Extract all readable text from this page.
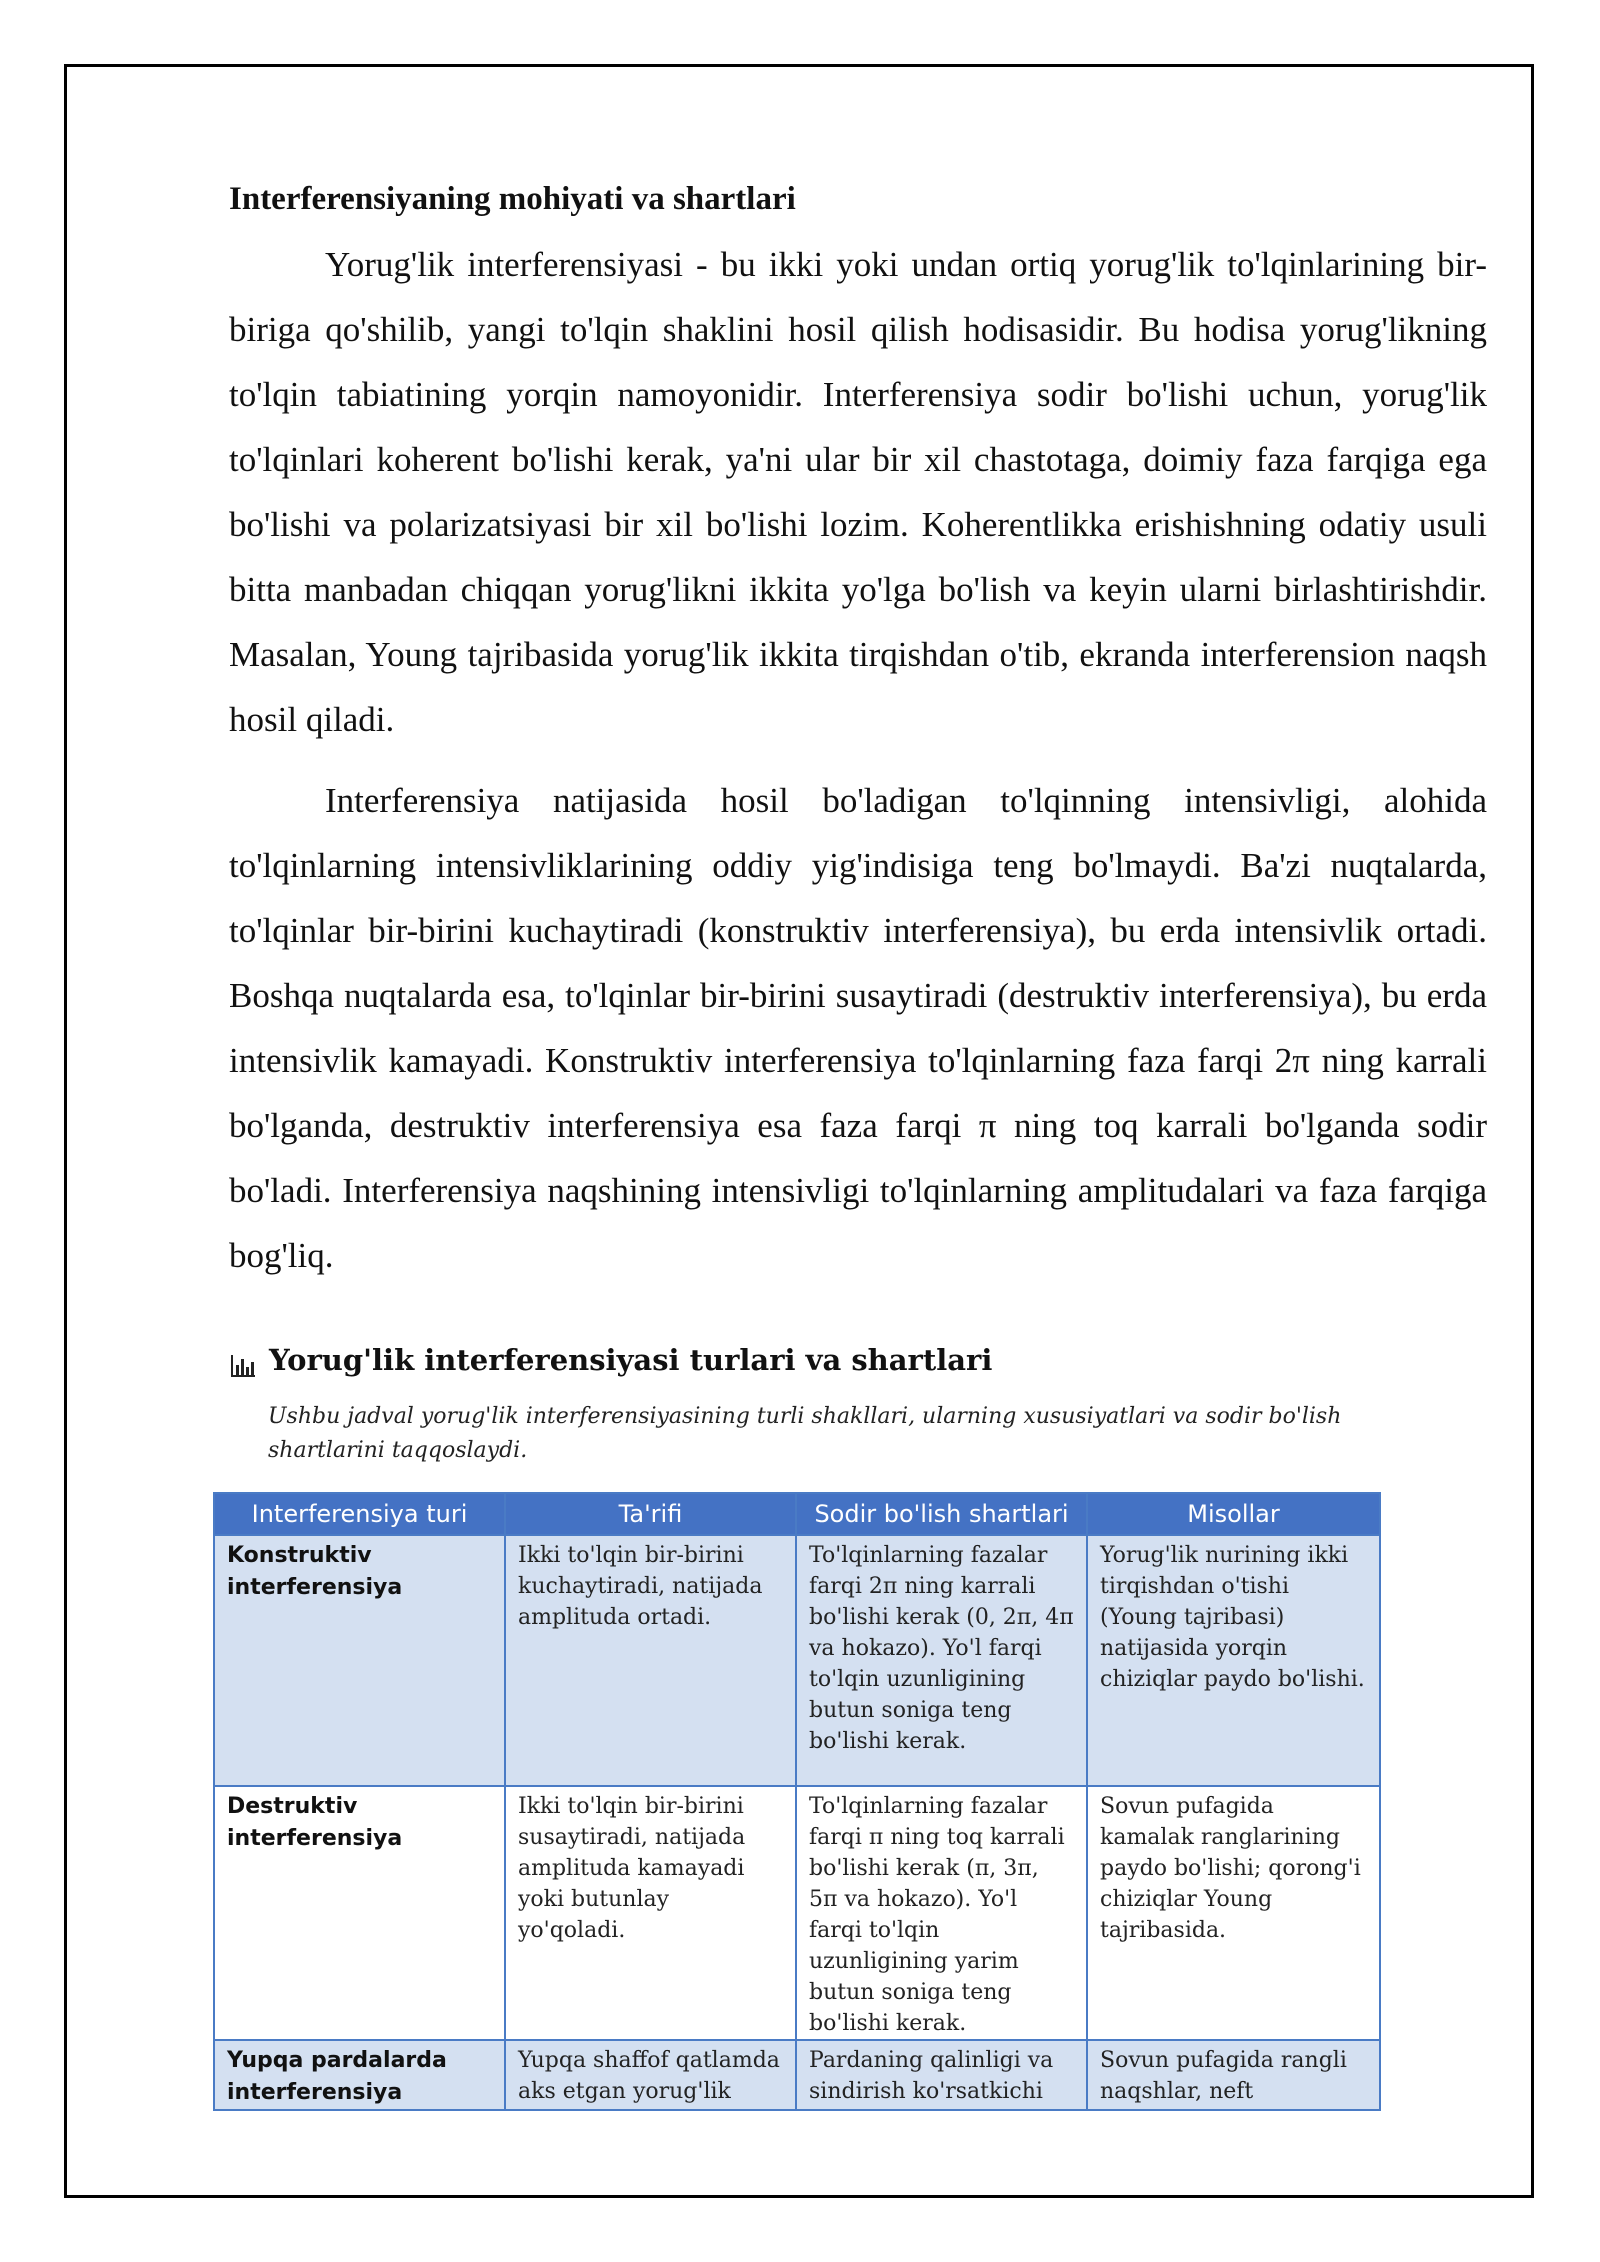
Interferensiyaning mohiyati va shartlari

Yorug'lik interferensiyasi - bu ikki yoki undan ortiq yorug'lik to'lqinlarining bir-biriga qo'shilib, yangi to'lqin shaklini hosil qilish hodisasidir. Bu hodisa yorug'likning to'lqin tabiatining yorqin namoyonidir. Interferensiya sodir bo'lishi uchun, yorug'lik to'lqinlari koherent bo'lishi kerak, ya'ni ular bir xil chastotaga, doimiy faza farqiga ega bo'lishi va polarizatsiyasi bir xil bo'lishi lozim. Koherentlikka erishishning odatiy usuli bitta manbadan chiqqan yorug'likni ikkita yo'lga bo'lish va keyin ularni birlashtirishdir. Masalan, Young tajribasida yorug'lik ikkita tirqishdan o'tib, ekranda interferension naqsh hosil qiladi.

Interferensiya natijasida hosil bo'ladigan to'lqinning intensivligi, alohida to'lqinlarning intensivliklarining oddiy yig'indisiga teng bo'lmaydi. Ba'zi nuqtalarda, to'lqinlar bir-birini kuchaytiradi (konstruktiv interferensiya), bu erda intensivlik ortadi. Boshqa nuqtalarda esa, to'lqinlar bir-birini susaytiradi (destruktiv interferensiya), bu erda intensivlik kamayadi. Konstruktiv interferensiya to'lqinlarning faza farqi 2π ning karrali bo'lganda, destruktiv interferensiya esa faza farqi π ning toq karrali bo'lganda sodir bo'ladi. Interferensiya naqshining intensivligi to'lqinlarning amplitudalari va faza farqiga bog'liq.

Yorug'lik interferensiyasi turlari va shartlari
Ushbu jadval yorug'lik interferensiyasining turli shakllari, ularning xususiyatlari va sodir bo'lish shartlarini taqqoslaydi.
Interferensiya turi	Ta'rifi	Sodir bo'lish shartlari	Misollar
Konstruktiv interferensiya	Ikki to'lqin bir-birini kuchaytiradi, natijada amplituda ortadi.	To'lqinlarning fazalar farqi 2π ning karrali bo'lishi kerak (0, 2π, 4π va hokazo). Yo'l farqi to'lqin uzunligining butun soniga teng bo'lishi kerak.	Yorug'lik nurining ikki tirqishdan o'tishi (Young tajribasi) natijasida yorqin chiziqlar paydo bo'lishi.
Destruktiv interferensiya	Ikki to'lqin bir-birini susaytiradi, natijada amplituda kamayadi yoki butunlay yo'qoladi.	To'lqinlarning fazalar farqi π ning toq karrali bo'lishi kerak (π, 3π, 5π va hokazo). Yo'l farqi to'lqin uzunligining yarim butun soniga teng bo'lishi kerak.	Sovun pufagida kamalak ranglarining paydo bo'lishi; qorong'i chiziqlar Young tajribasida.
Yupqa pardalarda interferensiya	Yupqa shaffof qatlamda aks etgan yorug'lik	Pardaning qalinligi va sindirish ko'rsatkichi	Sovun pufagida rangli naqshlar, neft
